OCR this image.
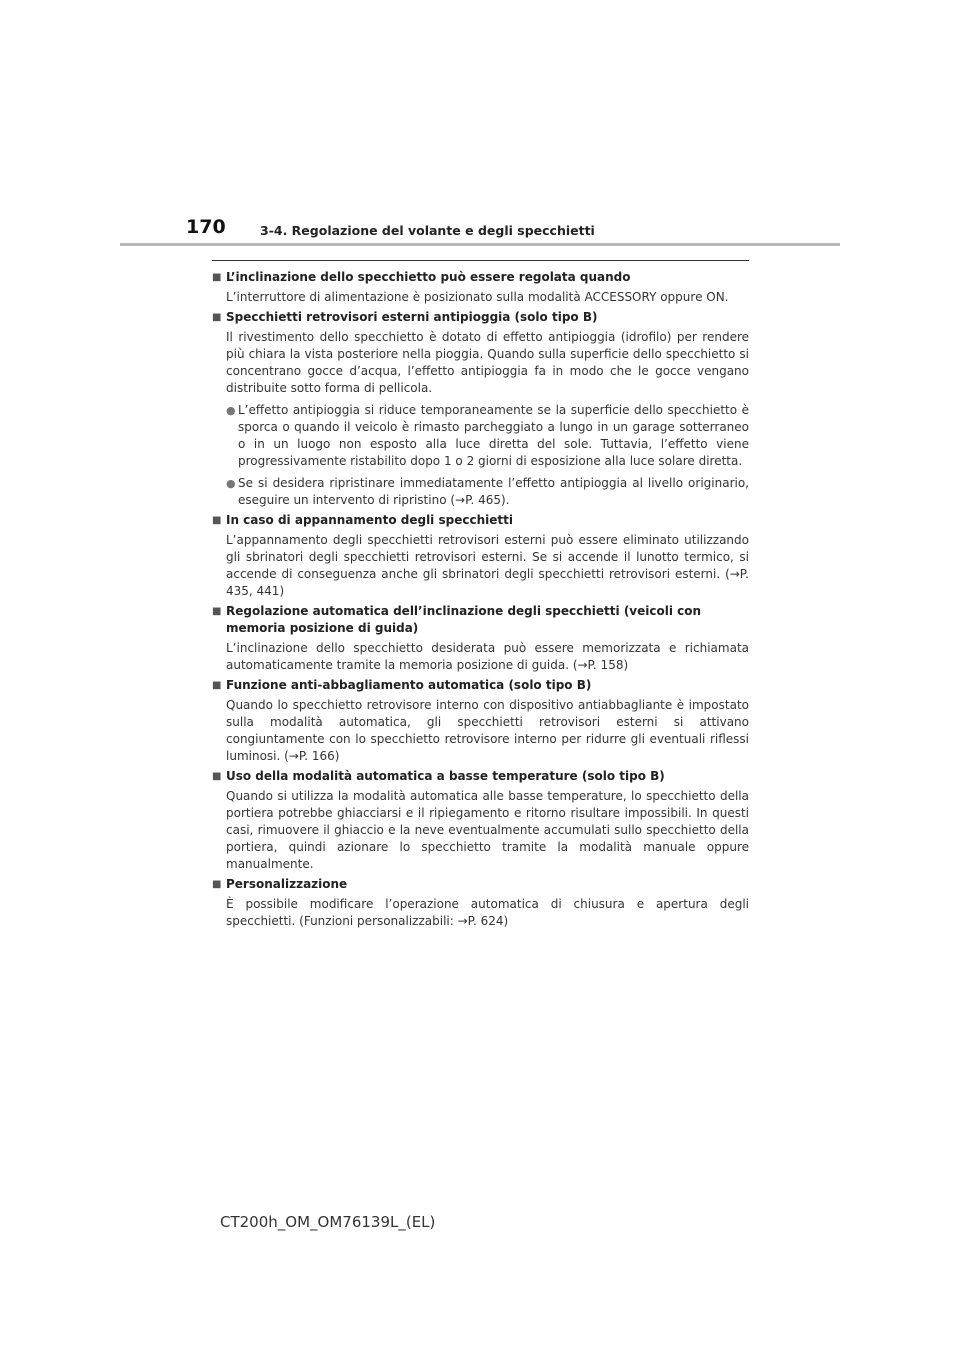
170	3-4. Regolazione del volante e degli specchietti
■ L’inclinazione dello specchietto può essere regolata quando
L’interruttore di alimentazione è posizionato sulla modalità ACCESSORY oppure ON.
■ Specchietti retrovisori esterni antipioggia (solo tipo B)
Il rivestimento dello specchietto è dotato di effetto antipioggia (idrofilo) per rendere più chiara la vista posteriore nella pioggia. Quando sulla superficie dello specchietto si concentrano gocce d’acqua, l’effetto antipioggia fa in modo che le gocce vengano distribuite sotto forma di pellicola.
● L’effetto antipioggia si riduce temporaneamente se la superficie dello specchietto è sporca o quando il veicolo è rimasto parcheggiato a lungo in un garage sotterraneo o in un luogo non esposto alla luce diretta del sole. Tuttavia, l’effetto viene progressivamente ristabilito dopo 1 o 2 giorni di esposizione alla luce solare diretta.
● Se si desidera ripristinare immediatamente l’effetto antipioggia al livello originario, eseguire un intervento di ripristino (→P. 465).
■ In caso di appannamento degli specchietti
L’appannamento degli specchietti retrovisori esterni può essere eliminato utilizzando gli sbrinatori degli specchietti retrovisori esterni. Se si accende il lunotto termico, si accende di conseguenza anche gli sbrinatori degli specchietti retrovisori esterni. (→P. 435, 441)
■ Regolazione automatica dell’inclinazione degli specchietti (veicoli con memoria posizione di guida)
L’inclinazione dello specchietto desiderata può essere memorizzata e richiamata automaticamente tramite la memoria posizione di guida. (→P. 158)
■ Funzione anti-abbagliamento automatica (solo tipo B)
Quando lo specchietto retrovisore interno con dispositivo antiabbagliante è impostato sulla modalità automatica, gli specchietti retrovisori esterni si attivano congiuntamente con lo specchietto retrovisore interno per ridurre gli eventuali riflessi luminosi. (→P. 166)
■ Uso della modalità automatica a basse temperature (solo tipo B)
Quando si utilizza la modalità automatica alle basse temperature, lo specchietto della portiera potrebbe ghiacciarsi e il ripiegamento e ritorno risultare impossibili. In questi casi, rimuovere il ghiaccio e la neve eventualmente accumulati sullo specchietto della portiera, quindi azionare lo specchietto tramite la modalità manuale oppure manualmente.
■ Personalizzazione
È possibile modificare l’operazione automatica di chiusura e apertura degli specchietti. (Funzioni personalizzabili: →P. 624)
CT200h_OM_OM76139L_(EL)
